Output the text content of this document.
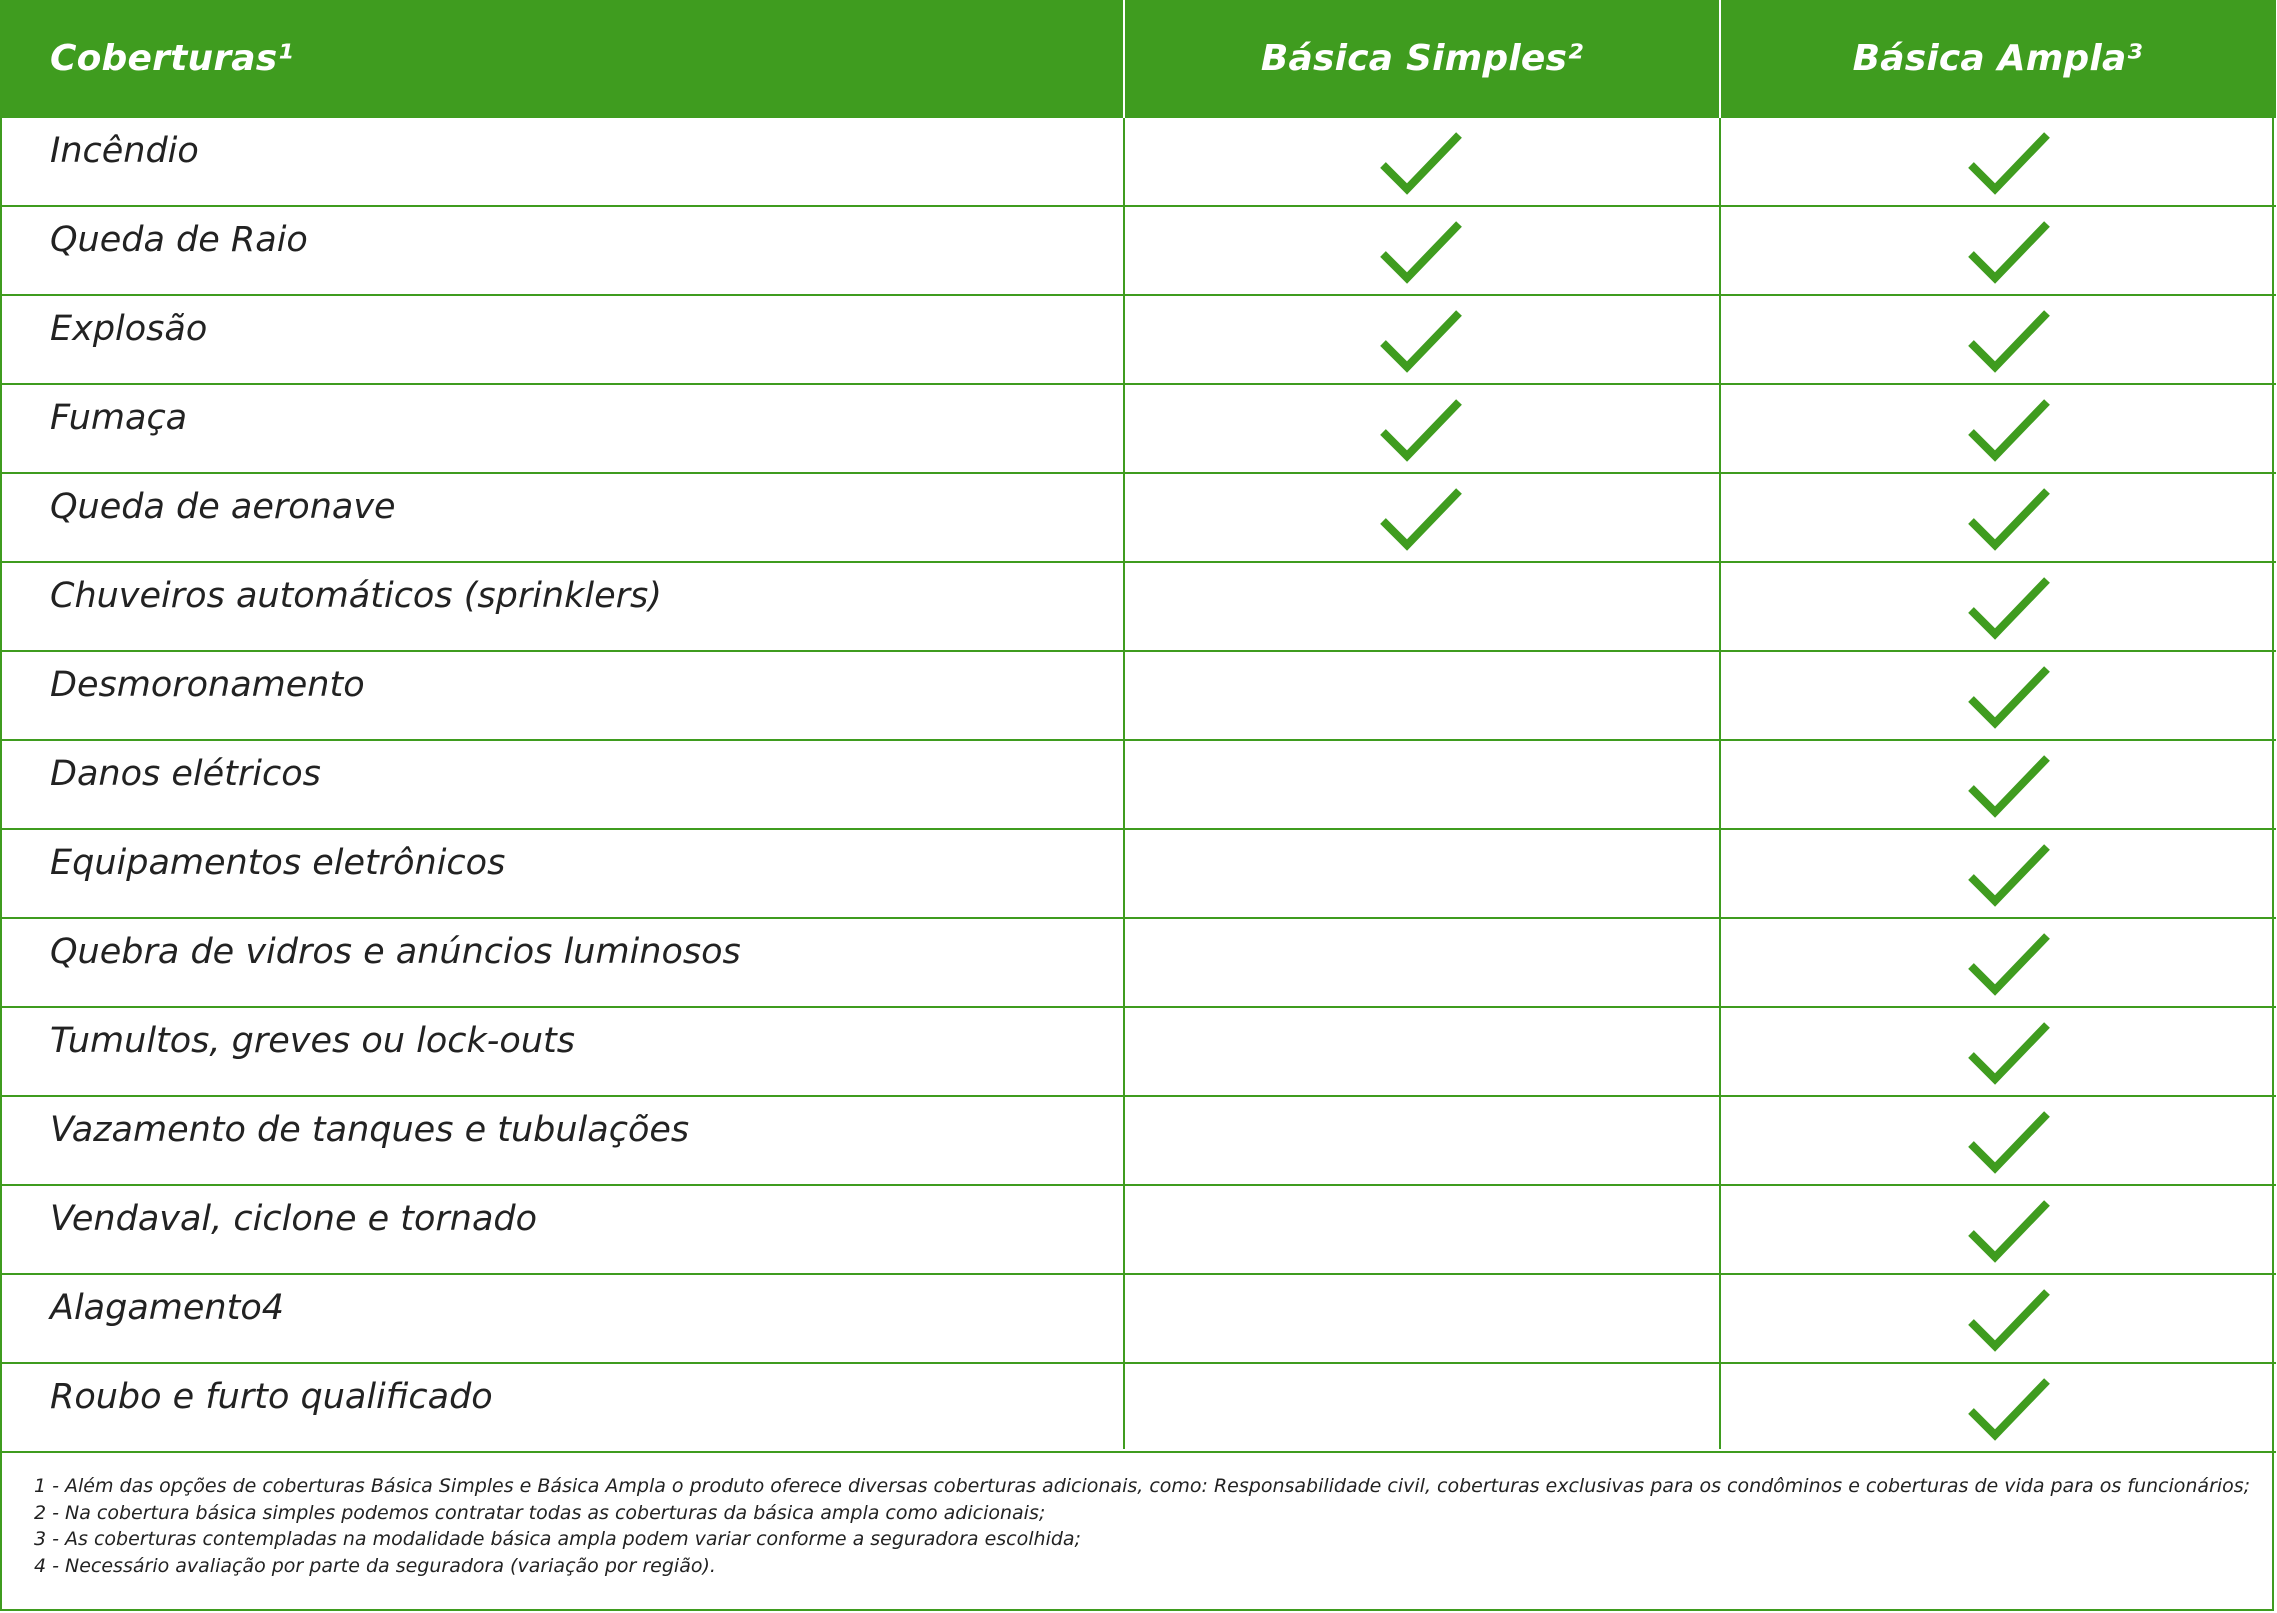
Coberturas¹	Básica Simples²	Básica Ampla³
Incêndio
Queda de Raio
Explosão
Fumaça
Queda de aeronave
Chuveiros automáticos (sprinklers)
Desmoronamento
Danos elétricos
Equipamentos eletrônicos
Quebra de vidros e anúncios luminosos
Tumultos, greves ou lock-outs
Vazamento de tanques e tubulações
Vendaval, ciclone e tornado
Alagamento4
Roubo e furto qualificado
1 - Além das opções de coberturas Básica Simples e Básica Ampla o produto oferece diversas coberturas adicionais, como: Responsabilidade civil, coberturas exclusivas para os condôminos e coberturas de vida para os funcionários;
2 - Na cobertura básica simples podemos contratar todas as coberturas da básica ampla como adicionais;
3 - As coberturas contempladas na modalidade básica ampla podem variar conforme a seguradora escolhida;
4 - Necessário avaliação por parte da seguradora (variação por região).
